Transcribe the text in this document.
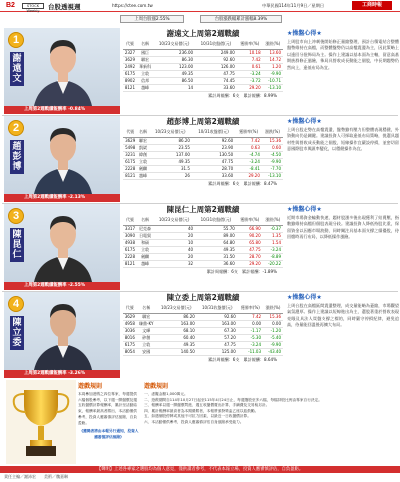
B2	STOCK Weekly	台股透視週	https://ctee.com.tw	中華民國114年11月9日／星期日	工商時報
上周台股漲2.55%	台股漲跌幅累計漲幅8.39%
1
謝遠文
上周第2週戰績報酬率 -0.84%
謝遠文上周第2週戰績
代號	名稱	10/23交易價(元)	10/31收盤價(元)	獲勝率(%)	漲跌(%)
2327	國巨	236.00	249.00	10.18	13.60
3629	聯宏	86.30	92.60	7.42	14.72
2492	華新科	123.00	126.00	0.61	1.20
6175	立敦	49.35	47.75	-3.24	-9.90
8902	信邦	86.50	74.45	-3.72	-10.71
8121	越峰	14	33.60	29.20	-13.10
累計周報酬：6支　累計報酬：8.99%
★操盤心得★
上周股市向上冲刺後開始修正量縮整理，預計台積電結合整體盤勢維持在高檔，而整體盤勢仍以高檔震盪為主，因此策略上以逢回分批佈局為主。操作上建議以基本面為主軸，留意高基期族群修正風險，佈局具營收成長動能之個股，中長期趨勢仍然向上，逢低布局為宜。
2
趙彭博
上周第2週戰績報酬率 -2.13%
趙彭博上周第2週戰績
代號	名稱	10/23交易價(元)	10/31收盤價(元)	獲勝率(%)	漲跌(%)
3629	聯宏	86.20	92.60	7.42	15.36
5498	凱崴	23.55	23.90	0.63	0.60
3231	緯創	137.00	130.50	-4.74	-4.50
6175	立敦	49.35	47.75	-3.24	-9.90
2228	劍麟	31.5	28.70	-8.41	-7.70
8121	越峰	26	33.60	29.20	-13.10
累計周報酬：6支　累計報酬：8.47%
★操盤心得★
上周台股走勢在高檔震盪，盤勢雖有壓力但整體表現穩健，外資動向仍是關鍵。建議投資人可採取逢低布局策略，挑選具題材性與營收成長動能之個股，短線操作宜嚴設停損，並密切留意國際股市與匯率變化，以穩健操作為宜。
3
陳昆仁
上周第2週戰績報酬率 -2.55%
陳昆仁上周第2週戰績
代號	名稱	10/23交易價(元)	10/31收盤價(元)	獲勝率(%)	漲跌(%)
3317	尼克森	40	55.70	66.90	-0.37
3090	日電貿	20	89.00	90.20	1.35
4938	和碩	10	64.80	65.80	1.54
6175	立敦	40	49.35	47.75	-3.24
2228	劍麟	20	31.50	28.70	-8.89
8121	越峰	32	36.60	29.20	-20.22
累計周報酬：6支　累計報酬：-1.89%
★操盤心得★
近期市場資金輪動快速，題材股漲多後出現獲利了結賣壓，指數雖維持高檔但個股表現分歧。建議投資人降低持股比重，保留資金以因應市場波動，同時關注具基本面支撐之績優股，待回檔時再行布局，以降低操作風險。
4
陳立委
上周第2週戰績報酬率 -3.26%
陳立委上周第2週戰績
代號	名稱	10/23交易價(元)	10/31收盤價(元)	獲勝率(%)	漲跌(%)
3629	聯宏	86.20	92.60	7.42	15.36
4958	臻鼎-KY	163.00	163.00	0.00	0.00
3036	文曄	68.10	67.30	-1.17	-1.20
8016	矽創	60.40	57.20	-5.30	-5.40
6175	立敦	49.35	47.75	-3.24	-9.90
8054	安國	140.50	125.00	-11.03	-43.40
累計周報酬：6支　累計報酬：8.64%
★操盤心得★
上周台股在高檔區間震盪整理，成交量能略為萎縮，市場觀望氣氛濃厚。操作上建議以短線進出為主，選股著重於營收表現亮眼及具法人買盤支撐之標的，同時嚴守停損紀律，避免追高，待量能回溫後再擴大布局。
遊戲規則
本周參加遊戲之四位專家，每週提供六檔個股參考，以下週一開盤價及週五收盤價計算報酬率，累計至活動結束，報酬率最高者勝出，本活動僅供參考，投資人應審慎評估風險，自負盈虧。
《獲獎者將由本報另行通知，投資人應審慎評估風險》
遊戲規則
一、虛擬金額1,000萬元。
二、遊戲期間自114年10月27日起至115年4月24日止，每週選股至多六檔，每檔持股比例由專家自行決定。
三、報酬率以週一開盤價買進、週五收盤價賣出計算，手續費及交易稅另計。
四、累計報酬率最高者為本期優勝者，本報將頒發獎盃乙座以茲鼓勵。
五、如遇個股停牌或其他不可抗力因素，以最近一日收盤價計算。
六、本活動僅供參考，投資人應審慎評估自身風險承受能力。
【聲明】上述各專家之選股均為個人意見，僅供讀者參考，不代表本報立場，投資人應審慎評估，自負盈虧。
責任主編／謝沛宏　　美術／魏嘉琳
